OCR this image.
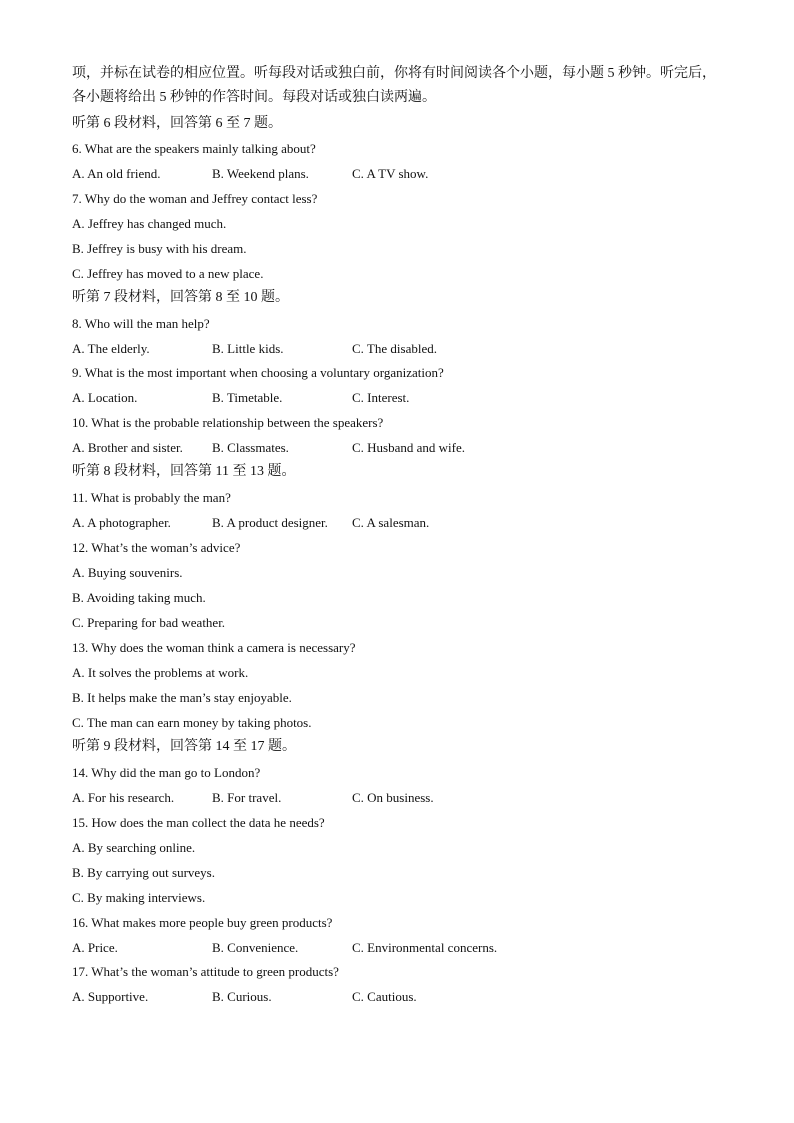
项，并标在试卷的相应位置。听每段对话或独白前，你将有时间阅读各个小题，每小题 5 秒钟。听完后，

各小题将给出 5 秒钟的作答时间。每段对话或独白读两遍。

听第 6 段材料，回答第 6 至 7 题。
6. What are the speakers mainly talking about?
A. An old friend.	B. Weekend plans.	C. A TV show.
7. Why do the woman and Jeffrey contact less?
A. Jeffrey has changed much.
B. Jeffrey is busy with his dream.
C. Jeffrey has moved to a new place.
听第 7 段材料，回答第 8 至 10 题。
8. Who will the man help?
A. The elderly.	B. Little kids.	C. The disabled.
9. What is the most important when choosing a voluntary organization?
A. Location.	B. Timetable.	C. Interest.
10. What is the probable relationship between the speakers?
A. Brother and sister. B. Classmates.	C. Husband and wife.
听第 8 段材料，回答第 11 至 13 题。
11. What is probably the man?
A. A photographer.	B. A product designer. C. A salesman.
12. What’s the woman’s advice?
A. Buying souvenirs.
B. Avoiding taking much.
C. Preparing for bad weather.
13. Why does the woman think a camera is necessary?
A. It solves the problems at work.
B. It helps make the man’s stay enjoyable.
C. The man can earn money by taking photos.
听第 9 段材料，回答第 14 至 17 题。
14. Why did the man go to London?
A. For his research.	B. For travel.	C. On business.
15. How does the man collect the data he needs?
A. By searching online.
B. By carrying out surveys.
C. By making interviews.
16. What makes more people buy green products?
A. Price.	B. Convenience.	C. Environmental concerns.
17. What’s the woman’s attitude to green products?
A. Supportive.	B. Curious.	C. Cautious.
